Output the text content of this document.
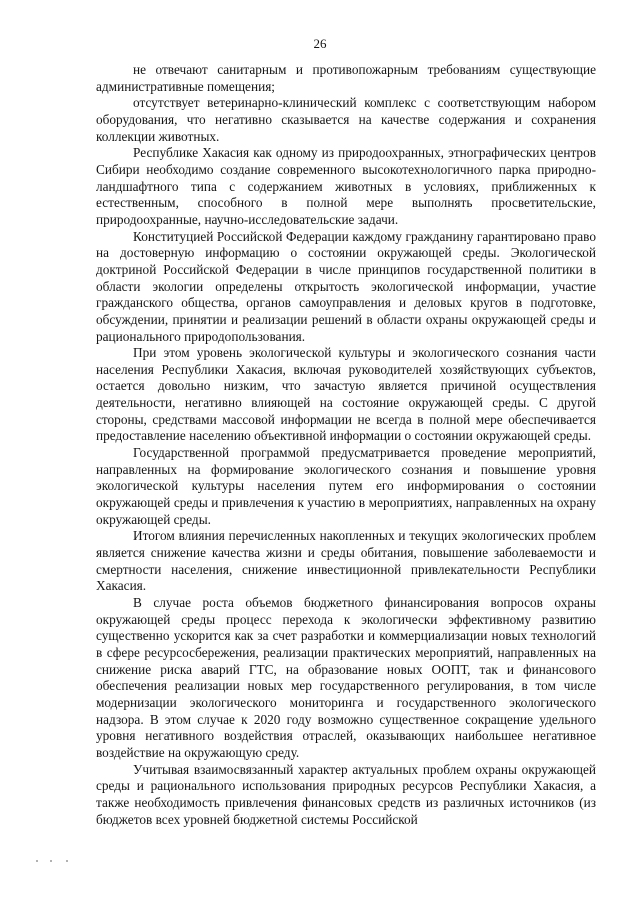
26

не отвечают санитарным и противопожарным требованиям существующие административные помещения;

отсутствует ветеринарно-клинический комплекс с соответствующим набором оборудования, что негативно сказывается на качестве содержания и сохранения коллекции животных.

Республике Хакасия как одному из природоохранных, этнографических центров Сибири необходимо создание современного высокотехнологичного парка природно-ландшафтного типа с содержанием животных в условиях, приближенных к естественным, способного в полной мере выполнять просветительские, природоохранные, научно-исследовательские задачи.

Конституцией Российской Федерации каждому гражданину гарантировано право на достоверную информацию о состоянии окружающей среды. Экологической доктриной Российской Федерации в числе принципов государственной политики в области экологии определены открытость экологической информации, участие гражданского общества, органов самоуправления и деловых кругов в подготовке, обсуждении, принятии и реализации решений в области охраны окружающей среды и рационального природопользования.

При этом уровень экологической культуры и экологического сознания части населения Республики Хакасия, включая руководителей хозяйствующих субъектов, остается довольно низким, что зачастую является причиной осуществления деятельности, негативно влияющей на состояние окружающей среды. С другой стороны, средствами массовой информации не всегда в полной мере обеспечивается предоставление населению объективной информации о состоянии окружающей среды.

Государственной программой предусматривается проведение мероприятий, направленных на формирование экологического сознания и повышение уровня экологической культуры населения путем его информирования о состоянии окружающей среды и привлечения к участию в мероприятиях, направленных на охрану окружающей среды.

Итогом влияния перечисленных накопленных и текущих экологических проблем является снижение качества жизни и среды обитания, повышение заболеваемости и смертности населения, снижение инвестиционной привлекательности Республики Хакасия.

В случае роста объемов бюджетного финансирования вопросов охраны окружающей среды процесс перехода к экологически эффективному развитию существенно ускорится как за счет разработки и коммерциализации новых технологий в сфере ресурсосбережения, реализации практических мероприятий, направленных на снижение риска аварий ГТС, на образование новых ООПТ, так и финансового обеспечения реализации новых мер государственного регулирования, в том числе модернизации экологического мониторинга и государственного экологического надзора. В этом случае к 2020 году возможно существенное сокращение удельного уровня негативного воздействия отраслей, оказывающих наибольшее негативное воздействие на окружающую среду.

Учитывая взаимосвязанный характер актуальных проблем охраны окружающей среды и рационального использования природных ресурсов Республики Хакасия, а также необходимость привлечения финансовых средств из различных источников (из бюджетов всех уровней бюджетной системы Российской
